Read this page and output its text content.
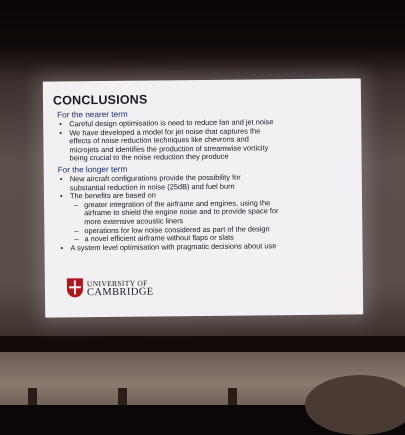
CONCLUSIONS
For the nearer term
• Careful design optimisation is need to reduce fan and jet noise
• We have developed a model for jet noise that captures the
effects of noise reduction techniques like chevrons and
microjets and identifies the production of streamwise vorticity
being crucial to the noise reduction they produce
For the longer term
• New aircraft configurations provide the possibility for
substantial reduction in noise (25dB) and fuel burn
• The benefits are based on
– greater integration of the airframe and engines, using the
airframe to shield the engine noise and to provide space for
more extensive acoustic liners
– operations for low noise considered as part of the design
– a novel efficient airframe without flaps or slats
• A system level optimisation with pragmatic decisions about use
UNIVERSITY OF
CAMBRIDGE
